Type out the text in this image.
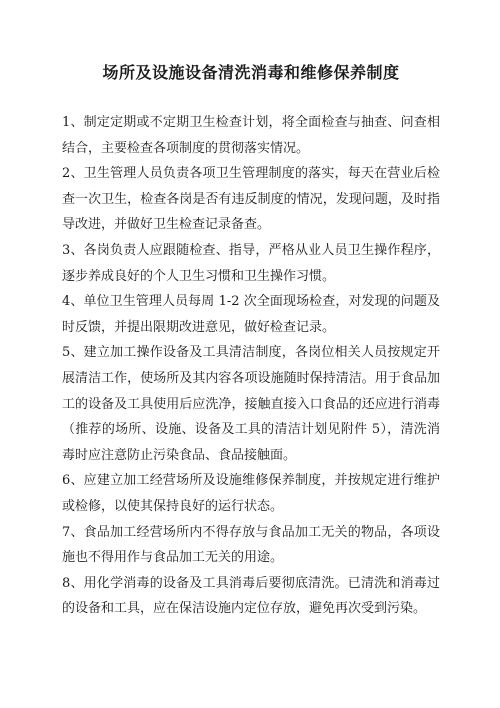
场所及设施设备清洗消毒和维修保养制度

1、制定定期或不定期卫生检查计划，将全面检查与抽查、问查相结合，主要检查各项制度的贯彻落实情况。

2、卫生管理人员负责各项卫生管理制度的落实，每天在营业后检查一次卫生，检查各岗是否有违反制度的情况，发现问题，及时指导改进，并做好卫生检查记录备查。

3、各岗负责人应跟随检查、指导，严格从业人员卫生操作程序，逐步养成良好的个人卫生习惯和卫生操作习惯。

4、单位卫生管理人员每周 1-2 次全面现场检查，对发现的问题及时反馈，并提出限期改进意见，做好检查记录。

5、建立加工操作设备及工具清洁制度，各岗位相关人员按规定开展清洁工作，使场所及其内容各项设施随时保持清洁。用于食品加工的设备及工具使用后应洗净，接触直接入口食品的还应进行消毒（推荐的场所、设施、设备及工具的清洁计划见附件 5），清洗消毒时应注意防止污染食品、食品接触面。

6、应建立加工经营场所及设施维修保养制度，并按规定进行维护或检修，以使其保持良好的运行状态。

7、食品加工经营场所内不得存放与食品加工无关的物品，各项设施也不得用作与食品加工无关的用途。

8、用化学消毒的设备及工具消毒后要彻底清洗。已清洗和消毒过的设备和工具，应在保洁设施内定位存放，避免再次受到污染。
